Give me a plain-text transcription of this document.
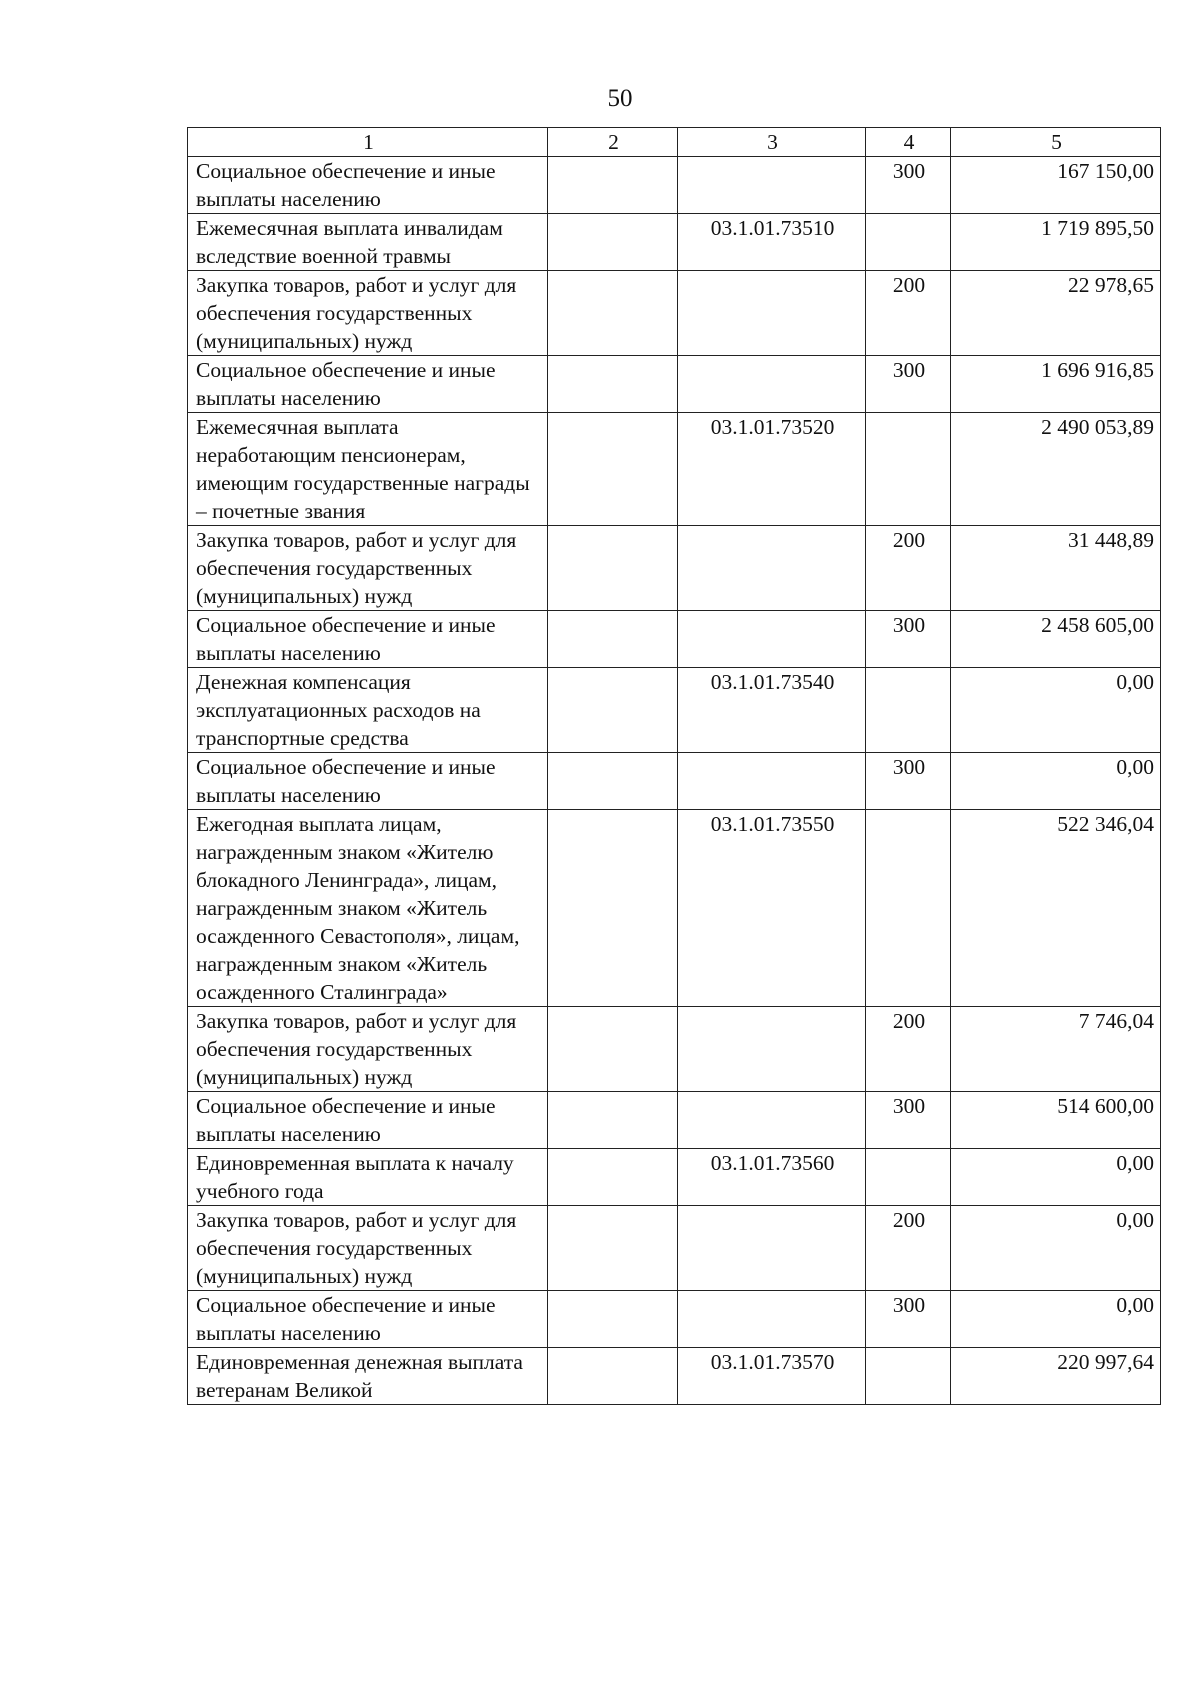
50
1	2	3	4	5
Социальное обеспечение и иные выплаты населению			300	167 150,00
Ежемесячная выплата инвалидам вследствие военной травмы		03.1.01.73510		1 719 895,50
Закупка товаров, работ и услуг для обеспечения государственных (муниципальных) нужд			200	22 978,65
Социальное обеспечение и иные выплаты населению			300	1 696 916,85
Ежемесячная выплата неработающим пенсионерам, имеющим государственные награды – почетные звания		03.1.01.73520		2 490 053,89
Закупка товаров, работ и услуг для обеспечения государственных (муниципальных) нужд			200	31 448,89
Социальное обеспечение и иные выплаты населению			300	2 458 605,00
Денежная компенсация эксплуатационных расходов на транспортные средства		03.1.01.73540		0,00
Социальное обеспечение и иные выплаты населению			300	0,00
Ежегодная выплата лицам, награжденным знаком «Жителю блокадного Ленинграда», лицам, награжденным знаком «Житель осажденного Севастополя», лицам, награжденным знаком «Житель осажденного Сталинграда»		03.1.01.73550		522 346,04
Закупка товаров, работ и услуг для обеспечения государственных (муниципальных) нужд			200	7 746,04
Социальное обеспечение и иные выплаты населению			300	514 600,00
Единовременная выплата к началу учебного года		03.1.01.73560		0,00
Закупка товаров, работ и услуг для обеспечения государственных (муниципальных) нужд			200	0,00
Социальное обеспечение и иные выплаты населению			300	0,00
Единовременная денежная выплата ветеранам Великой		03.1.01.73570		220 997,64
